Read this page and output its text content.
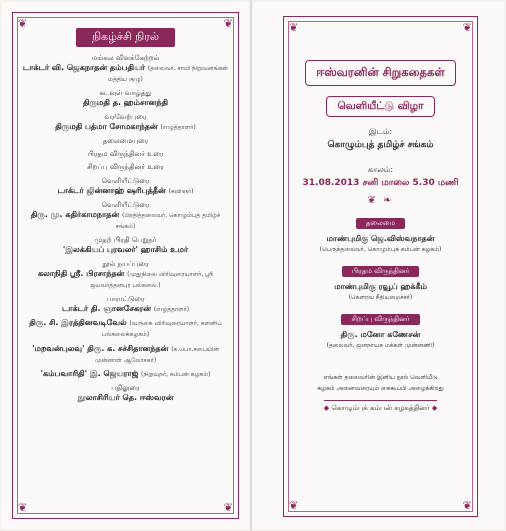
❦	❦
❦	❦
நிகழ்ச்சி நிரல்
மங்கல விளக்கேற்றல்
டாக்டர் வி. ஜெகநாதன் தம்பதியர் (தலைவர், சாயி நிறுவனங்கள் மத்திய குழு)
கடவுள் வாழ்த்து
திருமதி த. ஹம்சானந்தி
வரவேற்புரை
திருமதி பத்மா சோமகாந்தன் (எழுத்தாளர்)
தலைமையுரை
பிரதம விருந்தினர் உரை
சிறப்பு விருந்தினர் உரை
வெளியீட்டுரை
டாக்டர் ஜின்னாஹ் ஷரிபுத்தீன் (கவிஞர்)
வெளியீட்டுரை
திரு. மு. கதிர்காமநாதன் (பிரதித்தலைவர், கொழும்புத் தமிழ்ச் சங்கம்)
முதற் பிரதி பெறுநர்
'இலக்கியப் புரவலர்' ஹாசிம் உமர்
நூல் நயப்புரை
கலாநிதி ஸ்ரீ. பிரசாந்தன் (முதுநிலை விரிவுரையாளர், ஸ்ரீ ஜயவர்த்தனபுர பல்கலை.)
பாராட்டுரை
டாக்டர் தி. ஞானசேகரன் (எழுத்தாளர்)
திரு. சி. இரத்தினவடிவேல் (வருகை விரிவுரையாளர், களனிப் பல்கலைக்கழகம்)
'மறவன்புலவு' திரு. க. சச்சிதானந்தன் (க.பொ.சபையின் முன்னாள் ஆலோசகர்)
'கம்பவாரிதி' இ. ஜெயராஜ் (நிறுவுநர், கம்பன் கழகம்)
பதிலுரை
நூலாசிரியர் தெ. ஈஸ்வரன்
❦	❦
❦	❦
ஈஸ்வரனின் சிறுகதைகள்
வெளியீட்டு விழா
இடம்:
கொழும்புத் தமிழ்ச் சங்கம்
காலம்:
31.08.2013 சனி மாலை 5.30 மணி
❦ ❧
தலைமை
மாண்புமிகு ஜெ.விஸ்வநாதன்
(பெருந்தலைவர், கொழும்புக் கம்பன் கழகம்)
பிரதம விருந்தினர்
மாண்புமிகு ரவூப் ஹக்கீம்
(கௌரவ நீதியமைச்சர்)
சிறப்பு விருந்தினர்
திரு. மனோ கணேசன்
(தலைவர், ஜனநாயக மக்கள் முன்னணி)
எங்கள் தலைவரின் இனிய நூல் வெளியீடு
கழகம் அனைவரையும் கைகூப்பி அழைக்கிறது
◆ கொழும்புக் கம்பன் கழகத்தினர் ◆
